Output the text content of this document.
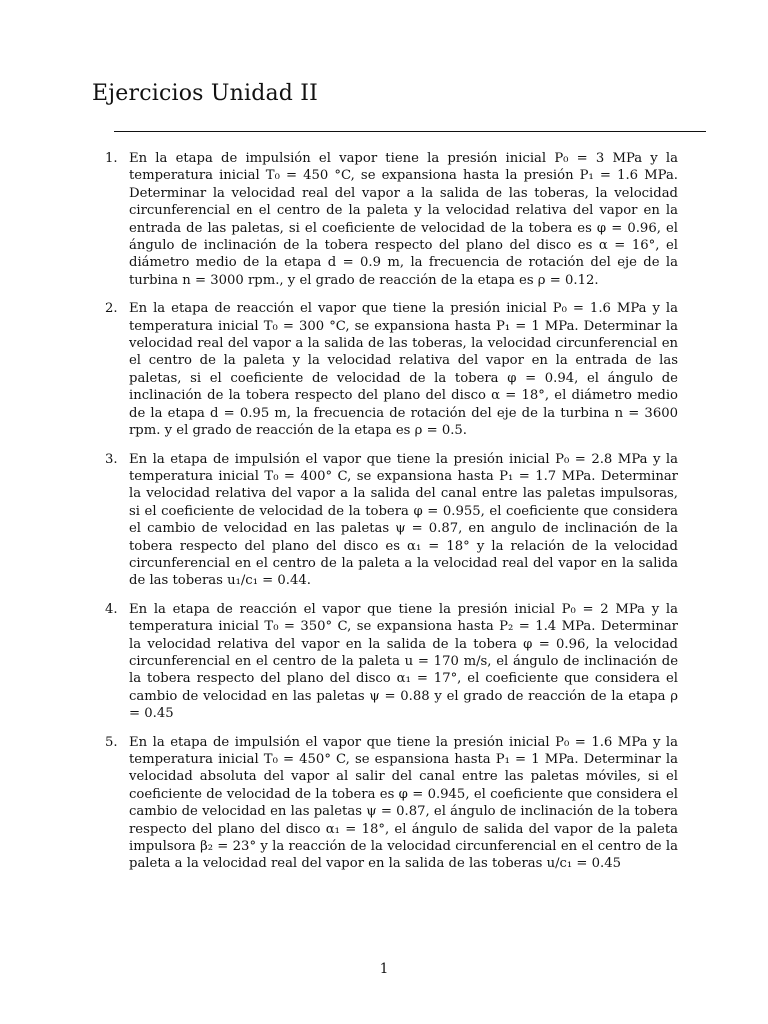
Ejercicios Unidad II
1. En la etapa de impulsión el vapor tiene la presión inicial P₀ = 3 MPa y la temperatura inicial T₀ = 450 °C, se expansiona hasta la presión P₁ = 1.6 MPa. Determinar la velocidad real del vapor a la salida de las toberas, la velocidad circunferencial en el centro de la paleta y la velocidad relativa del vapor en la entrada de las paletas, si el coeficiente de velocidad de la tobera es φ = 0.96, el ángulo de inclinación de la tobera respecto del plano del disco es α = 16°, el diámetro medio de la etapa d = 0.9 m, la frecuencia de rotación del eje de la turbina n = 3000 rpm., y el grado de reacción de la etapa es ρ = 0.12.
2. En la etapa de reacción el vapor que tiene la presión inicial P₀ = 1.6 MPa y la temperatura inicial T₀ = 300 °C, se expansiona hasta P₁ = 1 MPa. Determinar la velocidad real del vapor a la salida de las toberas, la velocidad circunferencial en el centro de la paleta y la velocidad relativa del vapor en la entrada de las paletas, si el coeficiente de velocidad de la tobera φ = 0.94, el ángulo de inclinación de la tobera respecto del plano del disco α = 18°, el diámetro medio de la etapa d = 0.95 m, la frecuencia de rotación del eje de la turbina n = 3600 rpm. y el grado de reacción de la etapa es ρ = 0.5.
3. En la etapa de impulsión el vapor que tiene la presión inicial P₀ = 2.8 MPa y la temperatura inicial T₀ = 400° C, se expansiona hasta P₁ = 1.7 MPa. Determinar la velocidad relativa del vapor a la salida del canal entre las paletas impulsoras, si el coeficiente de velocidad de la tobera φ = 0.955, el coeficiente que considera el cambio de velocidad en las paletas ψ = 0.87, en angulo de inclinación de la tobera respecto del plano del disco es α₁ = 18° y la relación de la velocidad circunferencial en el centro de la paleta a la velocidad real del vapor en la salida de las toberas u₁/c₁ = 0.44.
4. En la etapa de reacción el vapor que tiene la presión inicial P₀ = 2 MPa y la temperatura inicial T₀ = 350° C, se expansiona hasta P₂ = 1.4 MPa. Determinar la velocidad relativa del vapor en la salida de la tobera φ = 0.96, la velocidad circunferencial en el centro de la paleta u = 170 m/s, el ángulo de inclinación de la tobera respecto del plano del disco α₁ = 17°, el coeficiente que considera el cambio de velocidad en las paletas ψ = 0.88 y el grado de reacción de la etapa ρ = 0.45
5. En la etapa de impulsión el vapor que tiene la presión inicial P₀ = 1.6 MPa y la temperatura inicial T₀ = 450° C, se espansiona hasta P₁ = 1 MPa. Determinar la velocidad absoluta del vapor al salir del canal entre las paletas móviles, si el coeficiente de velocidad de la tobera es φ = 0.945, el coeficiente que considera el cambio de velocidad en las paletas ψ = 0.87, el ángulo de inclinación de la tobera respecto del plano del disco α₁ = 18°, el ángulo de salida del vapor de la paleta impulsora β₂ = 23° y la reacción de la velocidad circunferencial en el centro de la paleta a la velocidad real del vapor en la salida de las toberas u/c₁ = 0.45
1
